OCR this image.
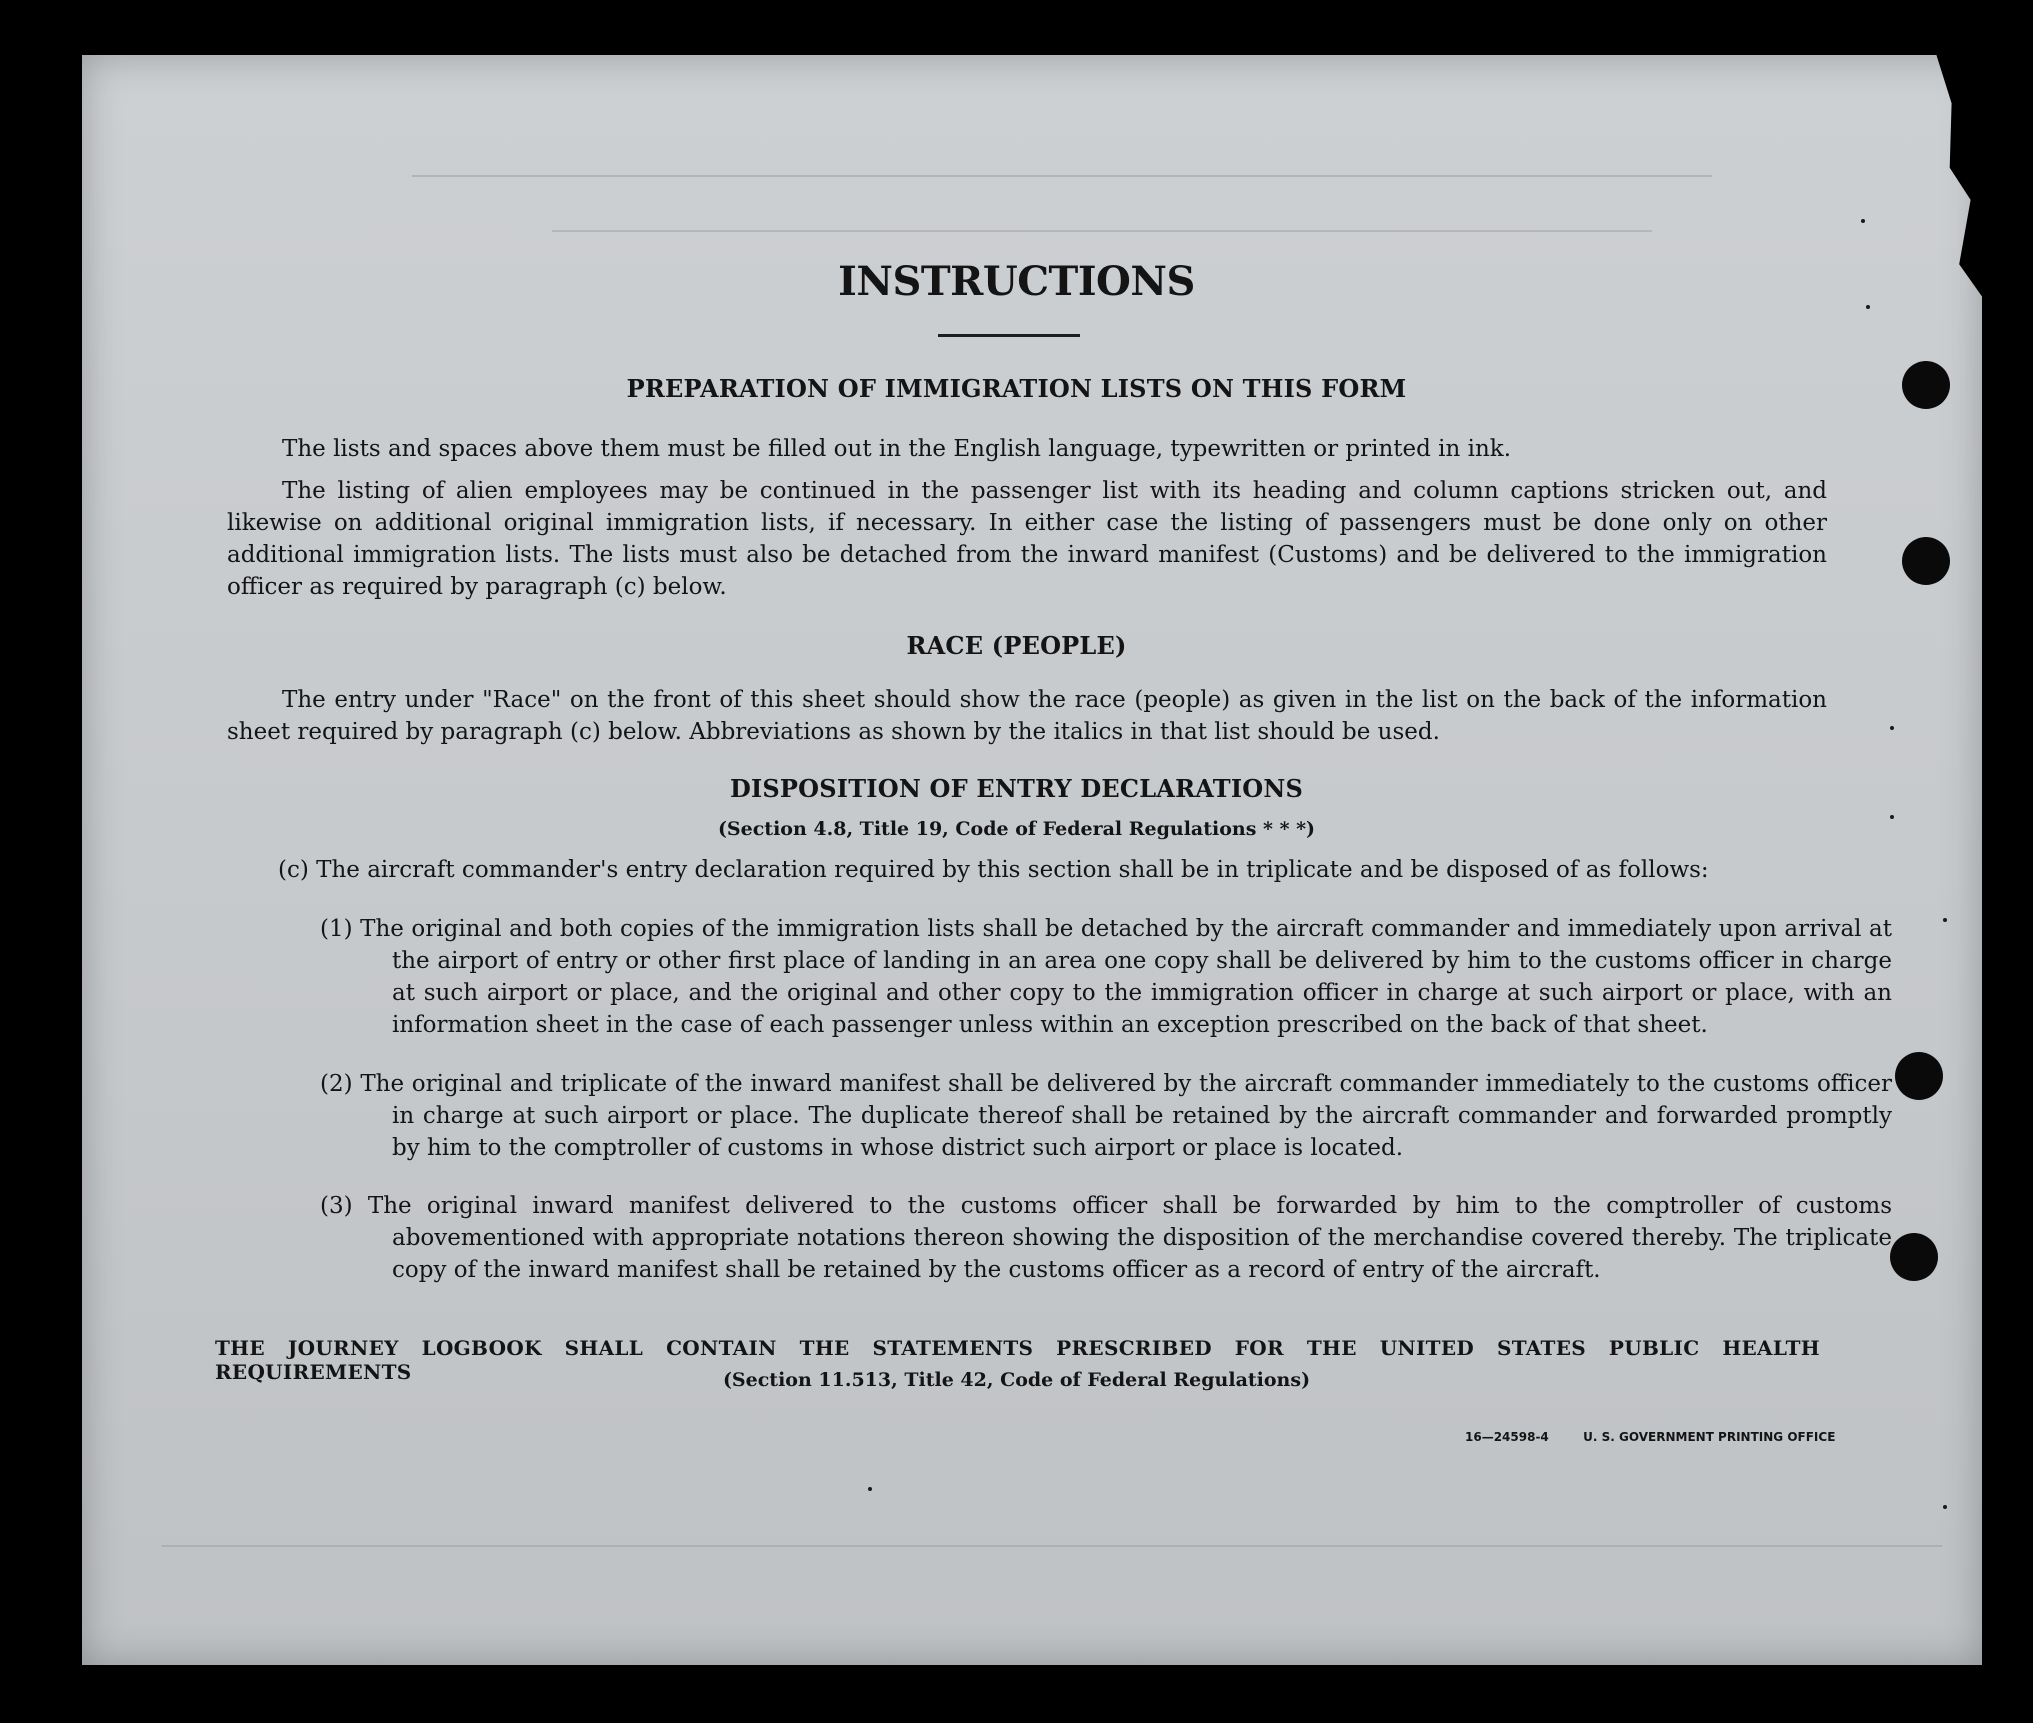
INSTRUCTIONS
PREPARATION OF IMMIGRATION LISTS ON THIS FORM
The lists and spaces above them must be filled out in the English language, typewritten or printed in ink.
The listing of alien employees may be continued in the passenger list with its heading and column captions stricken out, and likewise on additional original immigration lists, if necessary. In either case the listing of passengers must be done only on other additional immigration lists. The lists must also be detached from the inward manifest (Customs) and be delivered to the immigration officer as required by paragraph (c) below.
RACE (PEOPLE)
The entry under "Race" on the front of this sheet should show the race (people) as given in the list on the back of the information sheet required by paragraph (c) below. Abbreviations as shown by the italics in that list should be used.
DISPOSITION OF ENTRY DECLARATIONS
(Section 4.8, Title 19, Code of Federal Regulations * * *)
(c) The aircraft commander's entry declaration required by this section shall be in triplicate and be disposed of as follows:
(1) The original and both copies of the immigration lists shall be detached by the aircraft commander and immediately upon arrival at the airport of entry or other first place of landing in an area one copy shall be delivered by him to the customs officer in charge at such airport or place, and the original and other copy to the immigration officer in charge at such airport or place, with an information sheet in the case of each passenger unless within an exception prescribed on the back of that sheet.
(2) The original and triplicate of the inward manifest shall be delivered by the aircraft commander immediately to the customs officer in charge at such airport or place. The duplicate thereof shall be retained by the aircraft commander and forwarded promptly by him to the comptroller of customs in whose district such airport or place is located.
(3) The original inward manifest delivered to the customs officer shall be forwarded by him to the comptroller of customs abovementioned with appropriate notations thereon showing the disposition of the merchandise covered thereby. The triplicate copy of the inward manifest shall be retained by the customs officer as a record of entry of the aircraft.
THE JOURNEY LOGBOOK SHALL CONTAIN THE STATEMENTS PRESCRIBED FOR THE UNITED STATES PUBLIC HEALTH REQUIREMENTS	(Section 11.513, Title 42, Code of Federal Regulations)
16—24598-4	U. S. GOVERNMENT PRINTING OFFICE
